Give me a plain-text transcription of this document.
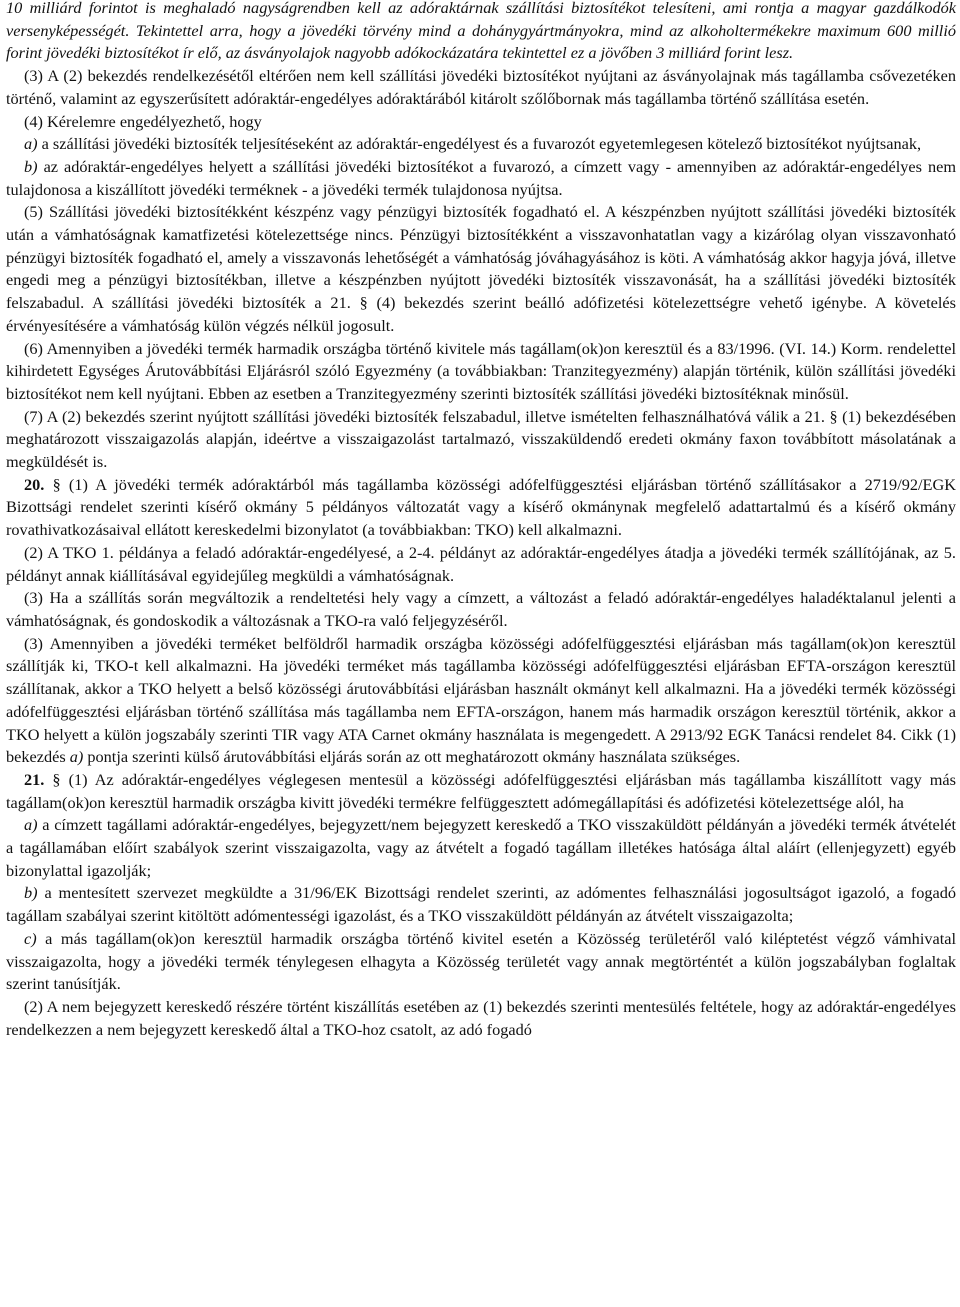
10 milliárd forintot is meghaladó nagyságrendben kell az adóraktárnak szállítási biztosítékot telesíteni, ami rontja a magyar gazdálkodók versenyképességét. Tekintettel arra, hogy a jövedéki törvény mind a dohánygyártmányokra, mind az alkoholtermékekre maximum 600 millió forint jövedéki biztosítékot ír elő, az ásványolajok nagyobb adókockázatára tekintettel ez a jövőben 3 milliárd forint lesz.

(3) A (2) bekezdés rendelkezésétől eltérően nem kell szállítási jövedéki biztosítékot nyújtani az ásványolajnak más tagállamba csővezetéken történő, valamint az egyszerűsített adóraktár-engedélyes adóraktárából kitárolt szőlőbornak más tagállamba történő szállítása esetén.

(4) Kérelemre engedélyezhető, hogy

a) a szállítási jövedéki biztosíték teljesítéseként az adóraktár-engedélyest és a fuvarozót egyetemlegesen kötelező biztosítékot nyújtsanak,

b) az adóraktár-engedélyes helyett a szállítási jövedéki biztosítékot a fuvarozó, a címzett vagy - amennyiben az adóraktár-engedélyes nem tulajdonosa a kiszállított jövedéki terméknek - a jövedéki termék tulajdonosa nyújtsa.

(5) Szállítási jövedéki biztosítékként készpénz vagy pénzügyi biztosíték fogadható el. A készpénzben nyújtott szállítási jövedéki biztosíték után a vámhatóságnak kamatfizetési kötelezettsége nincs. Pénzügyi biztosítékként a visszavonhatatlan vagy a kizárólag olyan visszavonható pénzügyi biztosíték fogadható el, amely a visszavonás lehetőségét a vámhatóság jóváhagyásához is köti. A vámhatóság akkor hagyja jóvá, illetve engedi meg a pénzügyi biztosítékban, illetve a készpénzben nyújtott jövedéki biztosíték visszavonását, ha a szállítási jövedéki biztosíték felszabadul. A szállítási jövedéki biztosíték a 21. § (4) bekezdés szerint beálló adófizetési kötelezettségre vehető igénybe. A követelés érvényesítésére a vámhatóság külön végzés nélkül jogosult.

(6) Amennyiben a jövedéki termék harmadik országba történő kivitele más tagállam(ok)on keresztül és a 83/1996. (VI. 14.) Korm. rendelettel kihirdetett Egységes Árutovábbítási Eljárásról szóló Egyezmény (a továbbiakban: Tranzitegyezmény) alapján történik, külön szállítási jövedéki biztosítékot nem kell nyújtani. Ebben az esetben a Tranzitegyezmény szerinti biztosíték szállítási jövedéki biztosítéknak minősül.

(7) A (2) bekezdés szerint nyújtott szállítási jövedéki biztosíték felszabadul, illetve ismételten felhasználhatóvá válik a 21. § (1) bekezdésében meghatározott visszaigazolás alapján, ideértve a visszaigazolást tartalmazó, visszaküldendő eredeti okmány faxon továbbított másolatának a megküldését is.

20. § (1) A jövedéki termék adóraktárból más tagállamba közösségi adófelfüggesztési eljárásban történő szállításakor a 2719/92/EGK Bizottsági rendelet szerinti kísérő okmány 5 példányos változatát vagy a kísérő okmánynak megfelelő adattartalmú és a kísérő okmány rovathivatkozásaival ellátott kereskedelmi bizonylatot (a továbbiakban: TKO) kell alkalmazni.

(2) A TKO 1. példánya a feladó adóraktár-engedélyesé, a 2-4. példányt az adóraktár-engedélyes átadja a jövedéki termék szállítójának, az 5. példányt annak kiállításával egyidejűleg megküldi a vámhatóságnak.

(3) Ha a szállítás során megváltozik a rendeltetési hely vagy a címzett, a változást a feladó adóraktár-engedélyes haladéktalanul jelenti a vámhatóságnak, és gondoskodik a változásnak a TKO-ra való feljegyzéséről.

(3) Amennyiben a jövedéki terméket belföldről harmadik országba közösségi adófelfüggesztési eljárásban más tagállam(ok)on keresztül szállítják ki, TKO-t kell alkalmazni. Ha jövedéki terméket más tagállamba közösségi adófelfüggesztési eljárásban EFTA-országon keresztül szállítanak, akkor a TKO helyett a belső közösségi árutovábbítási eljárásban használt okmányt kell alkalmazni. Ha a jövedéki termék közösségi adófelfüggesztési eljárásban történő szállítása más tagállamba nem EFTA-országon, hanem más harmadik országon keresztül történik, akkor a TKO helyett a külön jogszabály szerinti TIR vagy ATA Carnet okmány használata is megengedett. A 2913/92 EGK Tanácsi rendelet 84. Cikk (1) bekezdés a) pontja szerinti külső árutovábbítási eljárás során az ott meghatározott okmány használata szükséges.

21. § (1) Az adóraktár-engedélyes véglegesen mentesül a közösségi adófelfüggesztési eljárásban más tagállamba kiszállított vagy más tagállam(ok)on keresztül harmadik országba kivitt jövedéki termékre felfüggesztett adómegállapítási és adófizetési kötelezettsége alól, ha

a) a címzett tagállami adóraktár-engedélyes, bejegyzett/nem bejegyzett kereskedő a TKO visszaküldött példányán a jövedéki termék átvételét a tagállamában előírt szabályok szerint visszaigazolta, vagy az átvételt a fogadó tagállam illetékes hatósága által aláírt (ellenjegyzett) egyéb bizonylattal igazolják;

b) a mentesített szervezet megküldte a 31/96/EK Bizottsági rendelet szerinti, az adómentes felhasználási jogosultságot igazoló, a fogadó tagállam szabályai szerint kitöltött adómentességi igazolást, és a TKO visszaküldött példányán az átvételt visszaigazolta;

c) a más tagállam(ok)on keresztül harmadik országba történő kivitel esetén a Közösség területéről való kiléptetést végző vámhivatal visszaigazolta, hogy a jövedéki termék ténylegesen elhagyta a Közösség területét vagy annak megtörténtét a külön jogszabályban foglaltak szerint tanúsítják.

(2) A nem bejegyzett kereskedő részére történt kiszállítás esetében az (1) bekezdés szerinti mentesülés feltétele, hogy az adóraktár-engedélyes rendelkezzen a nem bejegyzett kereskedő által a TKO-hoz csatolt, az adó fogadó
